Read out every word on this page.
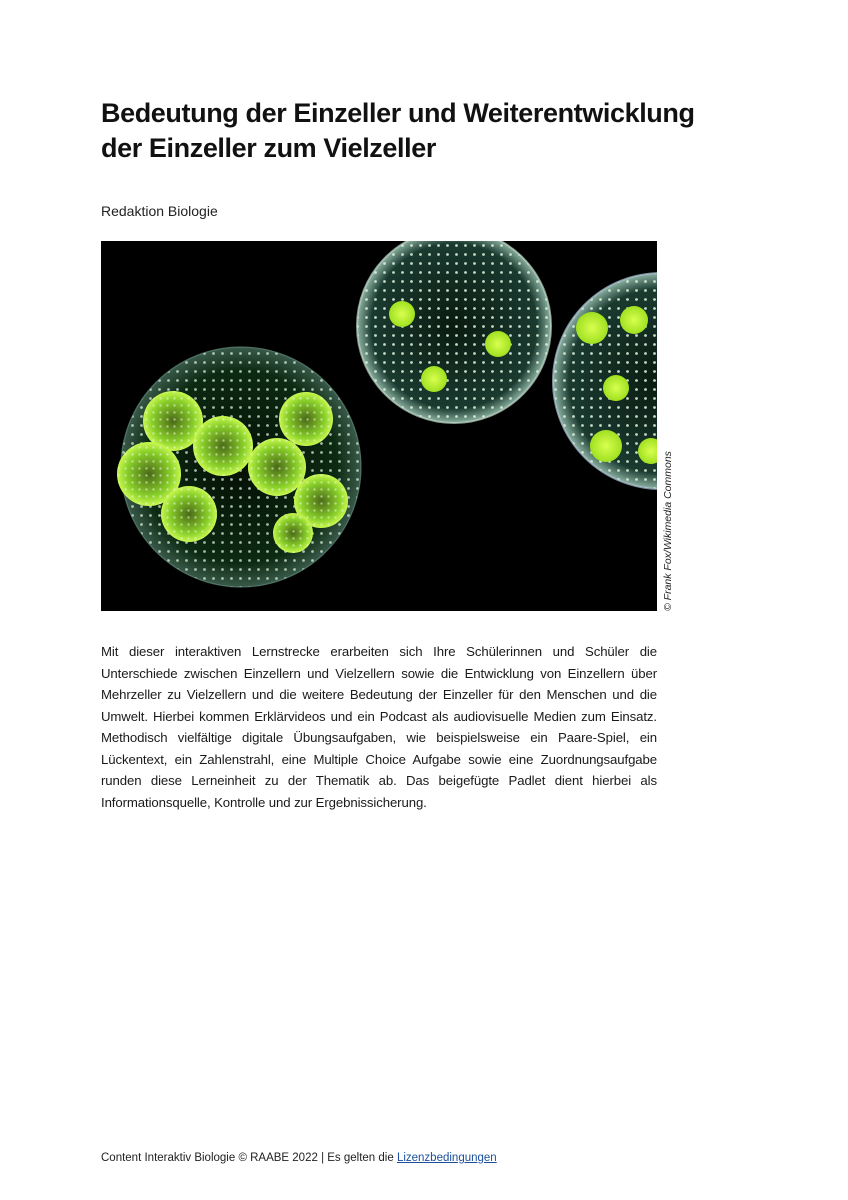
Bedeutung der Einzeller und Weiterentwicklung
der Einzeller zum Vielzeller
Redaktion Biologie
© Frank Fox/Wikimedia Commons

Mit dieser interaktiven Lernstrecke erarbeiten sich Ihre Schülerinnen und Schüler die Unterschiede zwischen Einzellern und Vielzellern sowie die Entwicklung von Einzellern über Mehrzeller zu Vielzellern und die weitere Bedeutung der Einzeller für den Menschen und die Umwelt. Hierbei kommen Erklärvideos und ein Podcast als audiovisuelle Medien zum Einsatz. Methodisch vielfältige digitale Übungsaufgaben, wie beispielsweise ein Paare-Spiel, ein Lückentext, ein Zahlenstrahl, eine Multiple Choice Aufgabe sowie eine Zuordnungsaufgabe runden diese Lerneinheit zu der Thematik ab. Das beigefügte Padlet dient hierbei als Informationsquelle, Kontrolle und zur Ergebnissicherung.

Content Interaktiv Biologie © RAABE 2022 | Es gelten die Lizenzbedingungen
